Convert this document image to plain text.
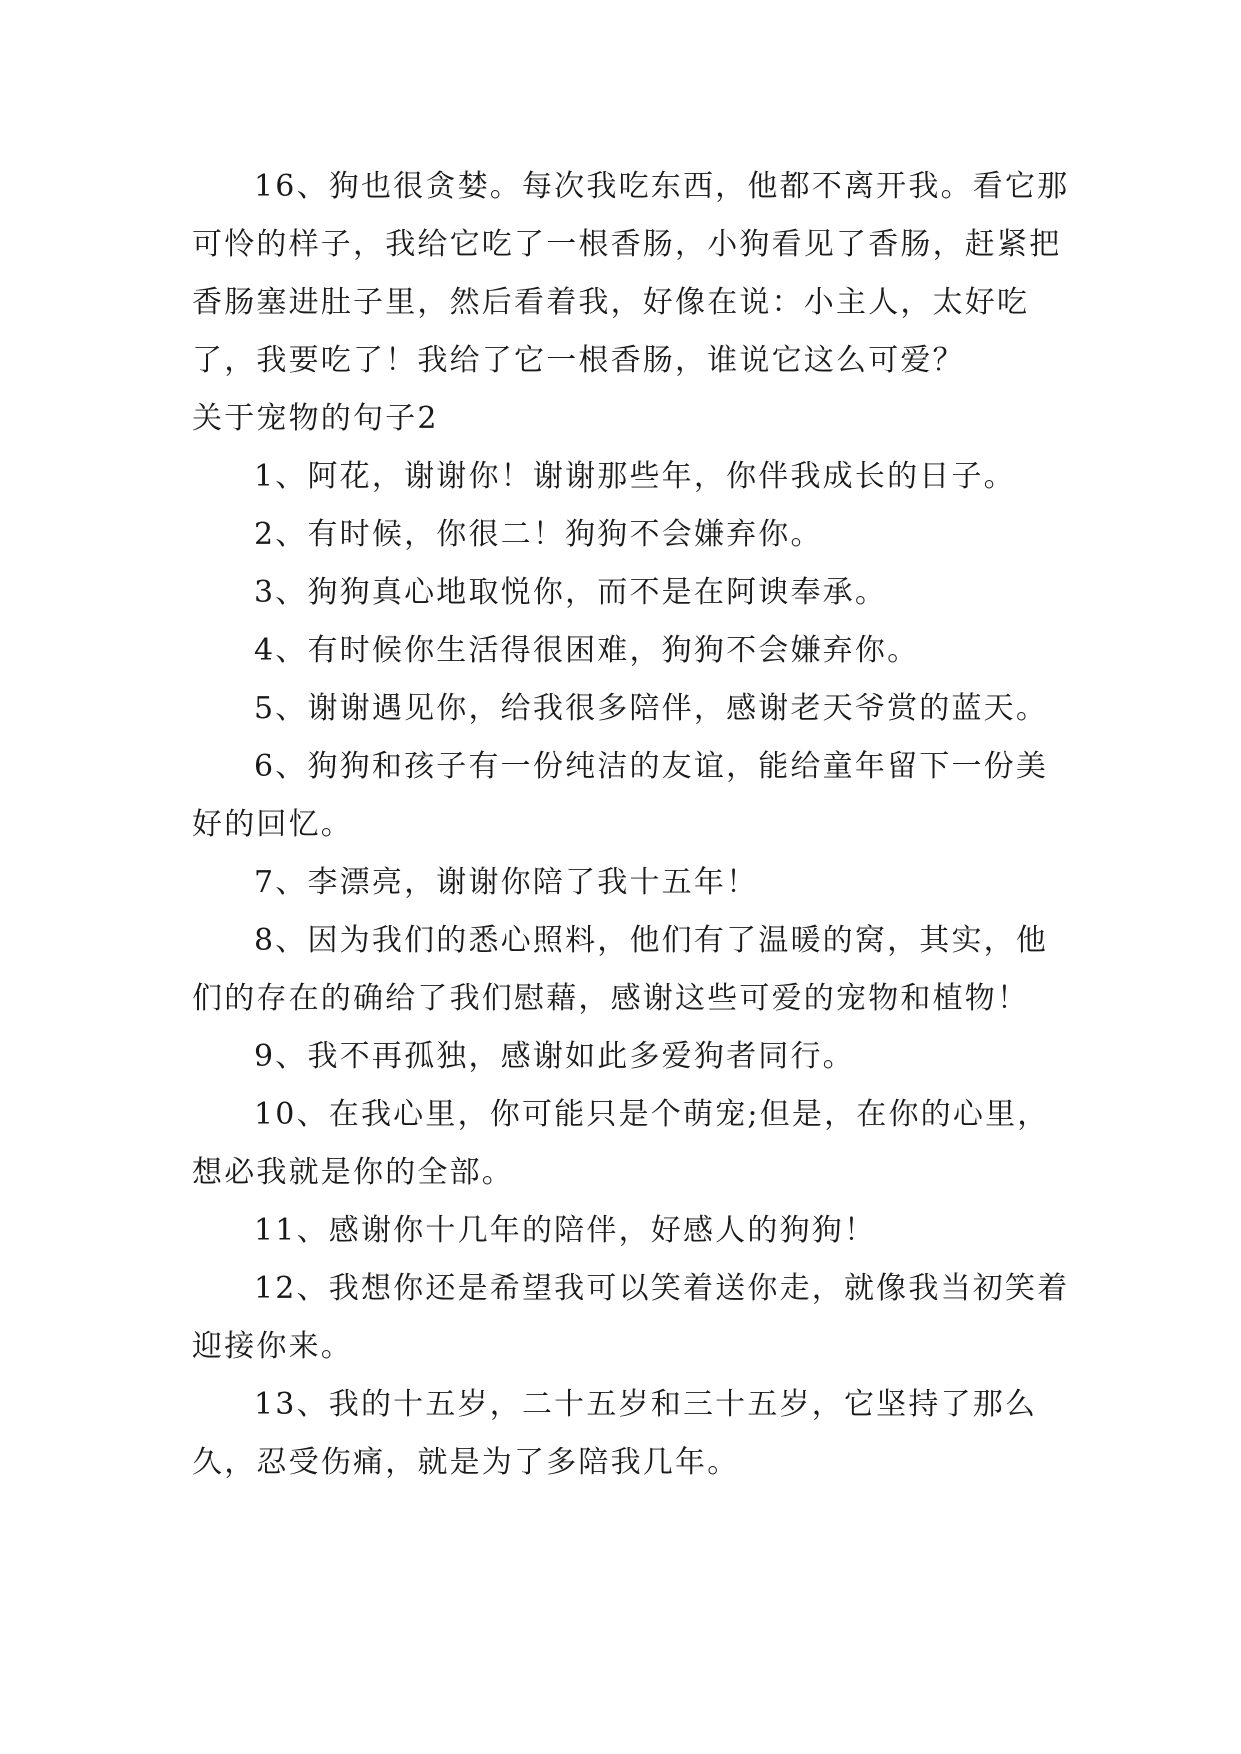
16、狗也很贪婪。每次我吃东西，他都不离开我。看它那可怜的样子，我给它吃了一根香肠，小狗看见了香肠，赶紧把香肠塞进肚子里，然后看着我，好像在说：小主人，太好吃了，我要吃了！我给了它一根香肠，谁说它这么可爱？

关于宠物的句子2

1、阿花，谢谢你！谢谢那些年，你伴我成长的日子。

2、有时候，你很二！狗狗不会嫌弃你。

3、狗狗真心地取悦你，而不是在阿谀奉承。

4、有时候你生活得很困难，狗狗不会嫌弃你。

5、谢谢遇见你，给我很多陪伴，感谢老天爷赏的蓝天。

6、狗狗和孩子有一份纯洁的友谊，能给童年留下一份美好的回忆。

7、李漂亮，谢谢你陪了我十五年！

8、因为我们的悉心照料，他们有了温暖的窝，其实，他们的存在的确给了我们慰藉，感谢这些可爱的宠物和植物！

9、我不再孤独，感谢如此多爱狗者同行。

10、在我心里，你可能只是个萌宠;但是，在你的心里，想必我就是你的全部。

11、感谢你十几年的陪伴，好感人的狗狗！

12、我想你还是希望我可以笑着送你走，就像我当初笑着迎接你来。

13、我的十五岁，二十五岁和三十五岁，它坚持了那么久，忍受伤痛，就是为了多陪我几年。
